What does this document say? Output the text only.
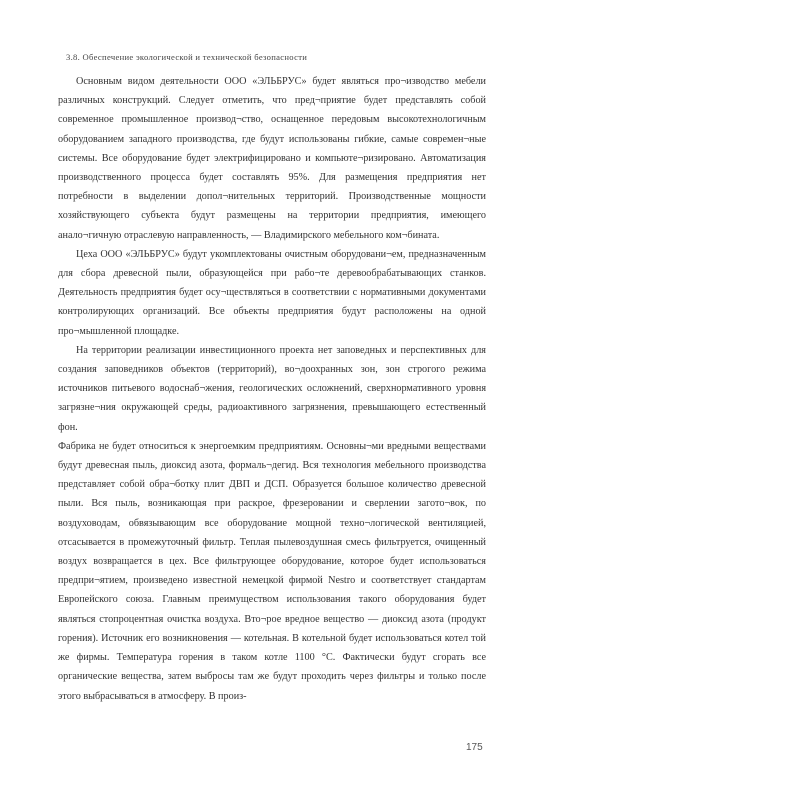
3.8. Обеспечение экологической и технической безопасности

Основным видом деятельности ООО «ЭЛЬБРУС» будет являться про¬изводство мебели различных конструкций. Следует отметить, что пред¬приятие будет представлять собой современное промышленное производ¬ство, оснащенное передовым высокотехнологичным оборудованием западного производства, где будут использованы гибкие, самые современ¬ные системы. Все оборудование будет электрифицировано и компьюте¬ризировано. Автоматизация производственного процесса будет составлять 95%. Для размещения предприятия нет потребности в выделении допол¬нительных территорий. Производственные мощности хозяйствующего субъекта будут размещены на территории предприятия, имеющего анало¬гичную отраслевую направленность, — Владимирского мебельного ком¬бината.

Цеха ООО «ЭЛЬБРУС» будут укомплектованы очистным оборудовани¬ем, предназначенным для сбора древесной пыли, образующейся при рабо¬те деревообрабатывающих станков. Деятельность предприятия будет осу¬ществляться в соответствии с нормативными документами контролирующих организаций. Все объекты предприятия будут расположены на одной про¬мышленной площадке.

На территории реализации инвестиционного проекта нет заповедных и перспективных для создания заповедников объектов (территорий), во¬доохранных зон, зон строгого режима источников питьевого водоснаб¬жения, геологических осложнений, сверхнормативного уровня загрязне¬ния окружающей среды, радиоактивного загрязнения, превышающего естественный фон.

Фабрика не будет относиться к энергоемким предприятиям. Основны¬ми вредными веществами будут древесная пыль, диоксид азота, формаль¬дегид. Вся технология мебельного производства представляет собой обра¬ботку плит ДВП и ДСП. Образуется большое количество древесной пыли. Вся пыль, возникающая при раскрое, фрезеровании и сверлении загото¬вок, по воздуховодам, обвязывающим все оборудование мощной техно¬логической вентиляцией, отсасывается в промежуточный фильтр. Теплая пылевоздушная смесь фильтруется, очищенный воздух возвращается в цех. Все фильтрующее оборудование, которое будет использоваться предпри¬ятием, произведено известной немецкой фирмой Nestro и соответствует стандартам Европейского союза. Главным преимуществом использования такого оборудования будет являться стопроцентная очистка воздуха. Вто¬рое вредное вещество — диоксид азота (продукт горения). Источник его возникновения — котельная. В котельной будет использоваться котел той же фирмы. Температура горения в таком котле 1100 °С. Фактически будут сгорать все органические вещества, затем выбросы там же будут проходить через фильтры и только после этого выбрасываться в атмосферу. В произ-

175
